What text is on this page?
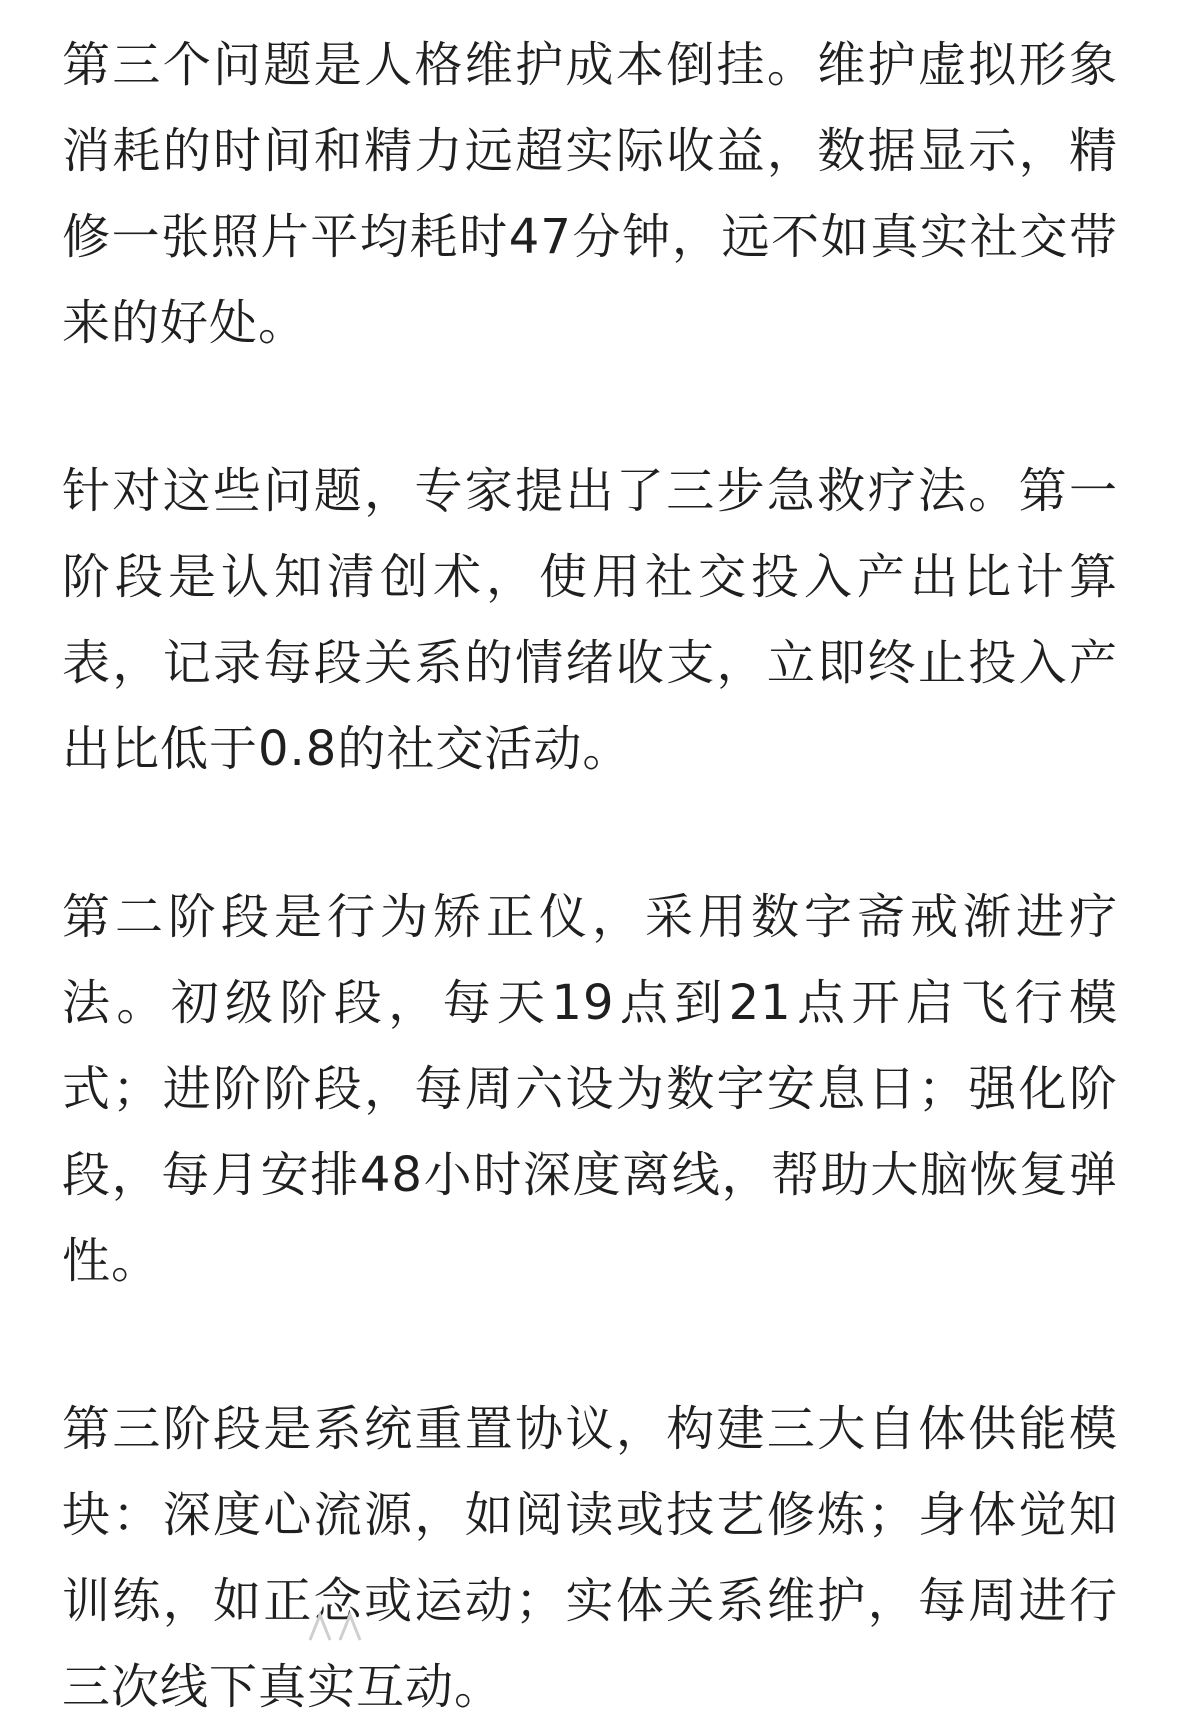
第三个问题是人格维护成本倒挂。维护虚拟形象消耗的时间和精力远超实际收益，数据显示，精修一张照片平均耗时47分钟，远不如真实社交带来的好处。

针对这些问题，专家提出了三步急救疗法。第一阶段是认知清创术，使用社交投入产出比计算表，记录每段关系的情绪收支，立即终止投入产出比低于0.8的社交活动。

第二阶段是行为矫正仪，采用数字斋戒渐进疗法。初级阶段，每天19点到21点开启飞行模式；进阶阶段，每周六设为数字安息日；强化阶段，每月安排48小时深度离线，帮助大脑恢复弹性。

第三阶段是系统重置协议，构建三大自体供能模块：深度心流源，如阅读或技艺修炼；身体觉知训练，如正念或运动；实体关系维护，每周进行三次线下真实互动。
